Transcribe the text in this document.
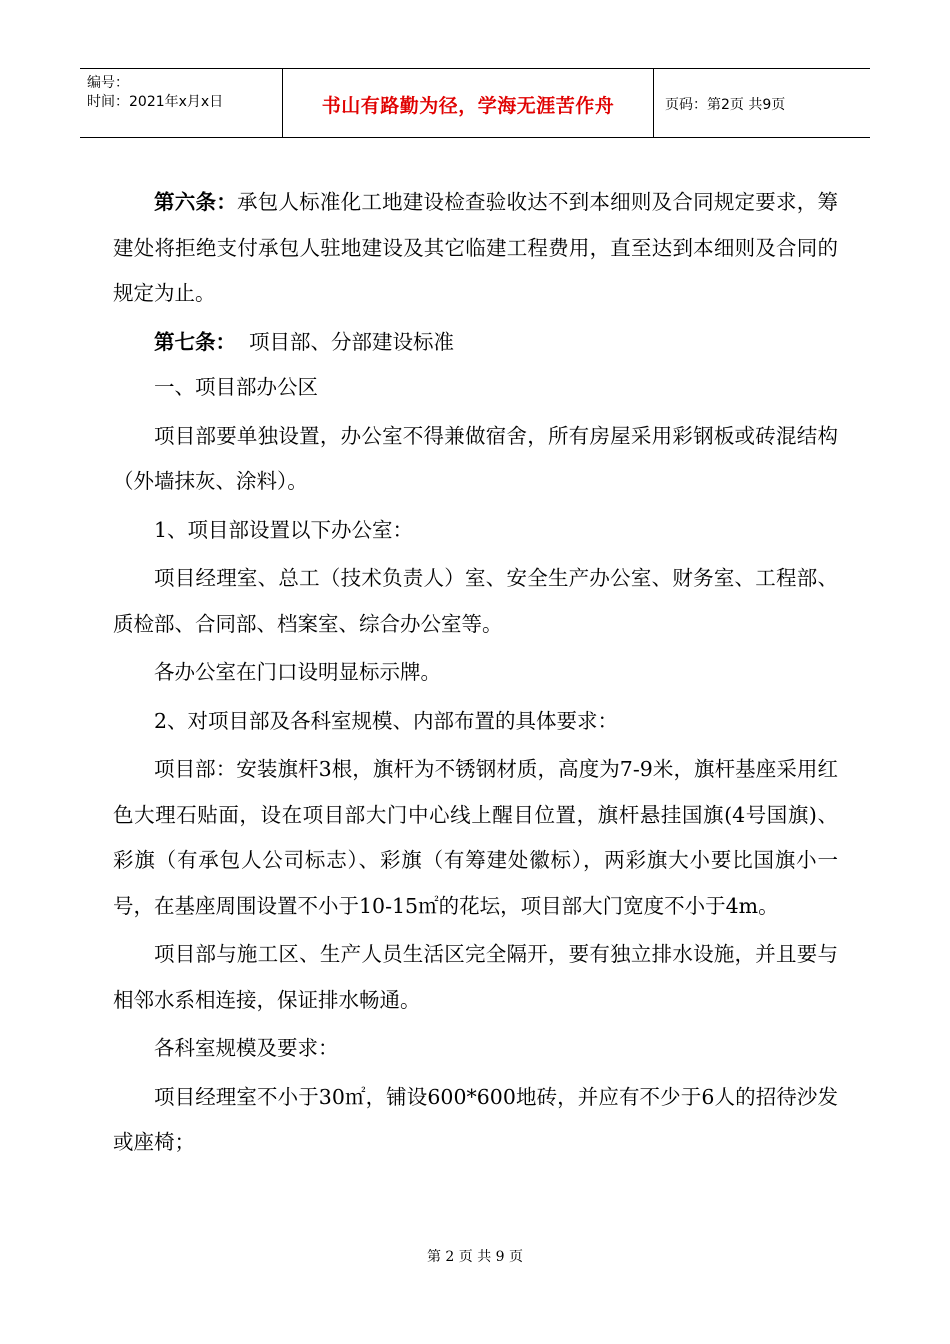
编号：
时间：2021年x月x日	书山有路勤为径，学海无涯苦作舟	页码：第2页 共9页

第六条：承包人标准化工地建设检查验收达不到本细则及合同规定要求，筹建处将拒绝支付承包人驻地建设及其它临建工程费用，直至达到本细则及合同的规定为止。

第七条：  项目部、分部建设标准

一、项目部办公区

项目部要单独设置，办公室不得兼做宿舍，所有房屋采用彩钢板或砖混结构（外墙抹灰、涂料）。

1、项目部设置以下办公室：

项目经理室、总工（技术负责人）室、安全生产办公室、财务室、工程部、质检部、合同部、档案室、综合办公室等。

各办公室在门口设明显标示牌。

2、对项目部及各科室规模、内部布置的具体要求：

项目部：安装旗杆3根，旗杆为不锈钢材质，高度为7-9米，旗杆基座采用红色大理石贴面，设在项目部大门中心线上醒目位置，旗杆悬挂国旗(4号国旗)、彩旗（有承包人公司标志）、彩旗（有筹建处徽标），两彩旗大小要比国旗小一号，在基座周围设置不小于10-15㎡的花坛，项目部大门宽度不小于4m。

项目部与施工区、生产人员生活区完全隔开，要有独立排水设施，并且要与相邻水系相连接，保证排水畅通。

各科室规模及要求：

项目经理室不小于30㎡，铺设600*600地砖，并应有不少于6人的招待沙发或座椅；

第 2 页 共 9 页
